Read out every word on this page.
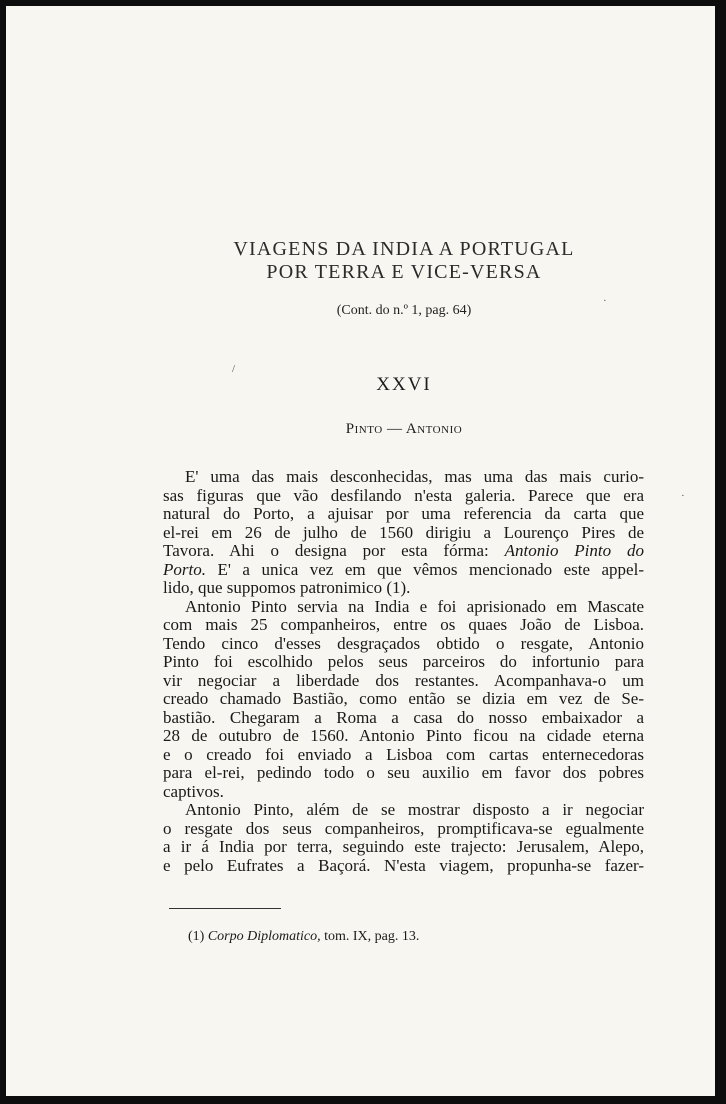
/
·
·
VIAGENS DA INDIA A PORTUGAL
POR TERRA E VICE-VERSA
(Cont. do n.º 1, pag. 64)
XXVI
Pinto — Antonio
E' uma das mais desconhecidas, mas uma das mais curio-
sas figuras que vão desfilando n'esta galeria. Parece que era
natural do Porto, a ajuisar por uma referencia da carta que
el-rei em 26 de julho de 1560 dirigiu a Lourenço Pires de
Tavora. Ahi o designa por esta fórma: Antonio Pinto do
Porto. E' a unica vez em que vêmos mencionado este appel-
lido, que suppomos patronimico (1).
Antonio Pinto servia na India e foi aprisionado em Mascate
com mais 25 companheiros, entre os quaes João de Lisboa.
Tendo cinco d'esses desgraçados obtido o resgate, Antonio
Pinto foi escolhido pelos seus parceiros do infortunio para
vir negociar a liberdade dos restantes. Acompanhava-o um
creado chamado Bastião, como então se dizia em vez de Se-
bastião. Chegaram a Roma a casa do nosso embaixador a
28 de outubro de 1560. Antonio Pinto ficou na cidade eterna
e o creado foi enviado a Lisboa com cartas enternecedoras
para el-rei, pedindo todo o seu auxilio em favor dos pobres
captivos.
Antonio Pinto, além de se mostrar disposto a ir negociar
o resgate dos seus companheiros, promptificava-se egualmente
a ir á India por terra, seguindo este trajecto: Jerusalem, Alepo,
e pelo Eufrates a Baçorá. N'esta viagem, propunha-se fazer-
(1) Corpo Diplomatico, tom. IX, pag. 13.
